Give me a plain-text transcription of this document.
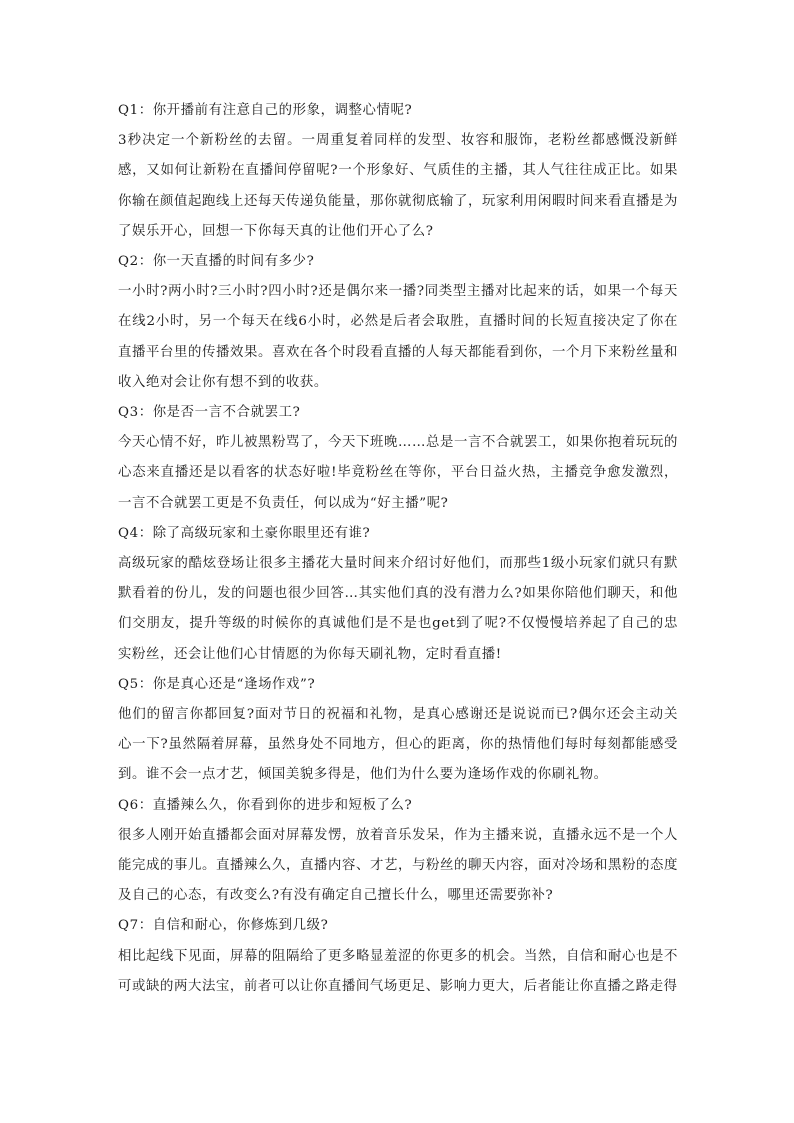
Q1：你开播前有注意自己的形象，调整心情呢?

3秒决定一个新粉丝的去留。一周重复着同样的发型、妆容和服饰，老粉丝都感慨没新鲜感，又如何让新粉在直播间停留呢?一个形象好、气质佳的主播，其人气往往成正比。如果你输在颜值起跑线上还每天传递负能量，那你就彻底输了，玩家利用闲暇时间来看直播是为了娱乐开心，回想一下你每天真的让他们开心了么?

Q2：你一天直播的时间有多少?

一小时?两小时?三小时?四小时?还是偶尔来一播?同类型主播对比起来的话，如果一个每天在线2小时，另一个每天在线6小时，必然是后者会取胜，直播时间的长短直接决定了你在直播平台里的传播效果。喜欢在各个时段看直播的人每天都能看到你，一个月下来粉丝量和收入绝对会让你有想不到的收获。

Q3：你是否一言不合就罢工?

今天心情不好，昨儿被黑粉骂了，今天下班晚……总是一言不合就罢工，如果你抱着玩玩的心态来直播还是以看客的状态好啦!毕竟粉丝在等你，平台日益火热，主播竞争愈发激烈，一言不合就罢工更是不负责任，何以成为“好主播”呢?

Q4：除了高级玩家和土豪你眼里还有谁?

高级玩家的酷炫登场让很多主播花大量时间来介绍讨好他们，而那些1级小玩家们就只有默默看着的份儿，发的问题也很少回答…其实他们真的没有潜力么?如果你陪他们聊天，和他们交朋友，提升等级的时候你的真诚他们是不是也get到了呢?不仅慢慢培养起了自己的忠实粉丝，还会让他们心甘情愿的为你每天刷礼物，定时看直播!

Q5：你是真心还是“逢场作戏”?

他们的留言你都回复?面对节日的祝福和礼物，是真心感谢还是说说而已?偶尔还会主动关心一下?虽然隔着屏幕，虽然身处不同地方，但心的距离，你的热情他们每时每刻都能感受到。谁不会一点才艺，倾国美貌多得是，他们为什么要为逢场作戏的你刷礼物。

Q6：直播辣么久，你看到你的进步和短板了么?

很多人刚开始直播都会面对屏幕发愣，放着音乐发呆，作为主播来说，直播永远不是一个人能完成的事儿。直播辣么久，直播内容、才艺，与粉丝的聊天内容，面对冷场和黑粉的态度及自己的心态，有改变么?有没有确定自己擅长什么，哪里还需要弥补?

Q7：自信和耐心，你修炼到几级?

相比起线下见面，屏幕的阻隔给了更多略显羞涩的你更多的机会。当然，自信和耐心也是不可或缺的两大法宝，前者可以让你直播间气场更足、影响力更大，后者能让你直播之路走得
